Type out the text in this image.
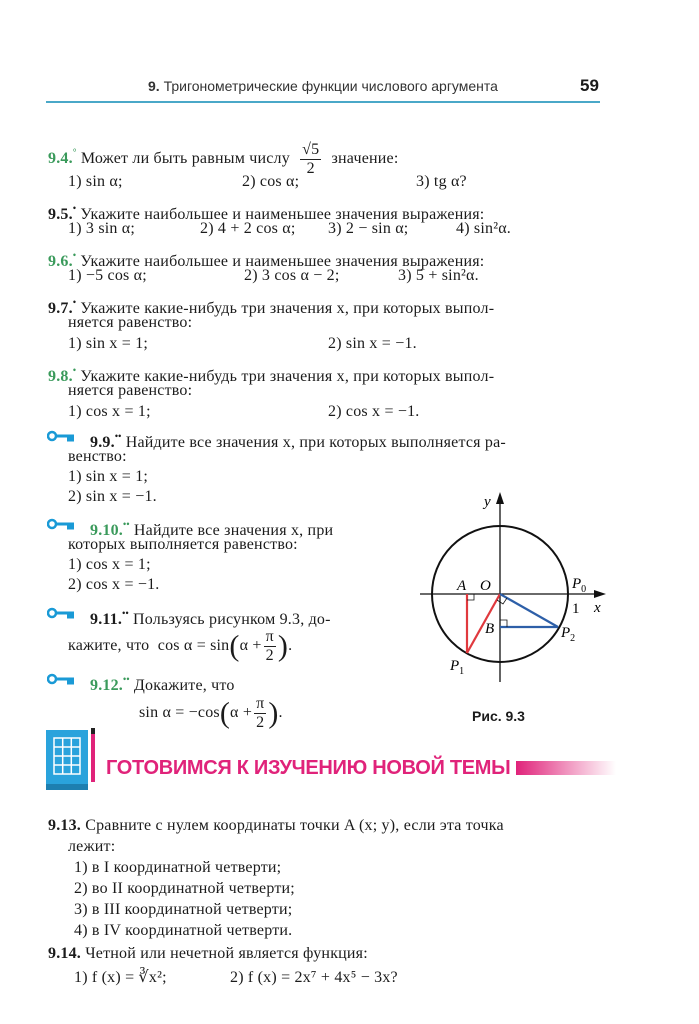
9. Тригонометрические функции числового аргумента	59
9.4.° Может ли быть равным числу $\frac{√5}{2}$ значение:
1) sin α;	2) cos α;	3) tg α?
9.5.• Укажите наибольшее и наименьшее значения выражения:
1) 3 sin α;	2) 4 + 2 cos α; 3) 2 − sin α;	4) sin²α.
9.6.• Укажите наибольшее и наименьшее значения выражения:
1) −5 cos α;	2) 3 cos α − 2;	3) 5 + sin²α.
9.7.• Укажите какие-нибудь три значения x, при которых выпол-
няется равенство:
1) sin x = 1;	2) sin x = −1.
9.8.• Укажите какие-нибудь три значения x, при которых выпол-
няется равенство:
1) cos x = 1;	2) cos x = −1.
9.9.•• Найдите все значения x, при которых выполняется ра-
венство:
1) sin x = 1;
2) sin x = −1.
9.10.•• Найдите все значения x, при
которых выполняется равенство:
1) cos x = 1;
2) cos x = −1.
9.11.•• Пользуясь рисунком 9.3, до-
кажите, что $\cos \alpha = \sin(\alpha + \frac{\pi}{2}$ ).
9.12.•• Докажите, что
$\sin \alpha = -\cos(\alpha + \frac{\pi}{2}$ ).
y
x
O
A
B
$P_0$
$P_2$
$P_1$
1
Рис. 9.3
ГОТОВИМСЯ К ИЗУЧЕНИЮ НОВОЙ ТЕМЫ
9.13. Сравните с нулем координаты точки A (x; y), если эта точка
лежит:
1) в I координатной четверти;
2) во II координатной четверти;
3) в III координатной четверти;
4) в IV координатной четверти.
9.14. Четной или нечетной является функция:
1) f (x) = ∛x²;	2) f (x) = 2x⁷ + 4x⁵ − 3x?
